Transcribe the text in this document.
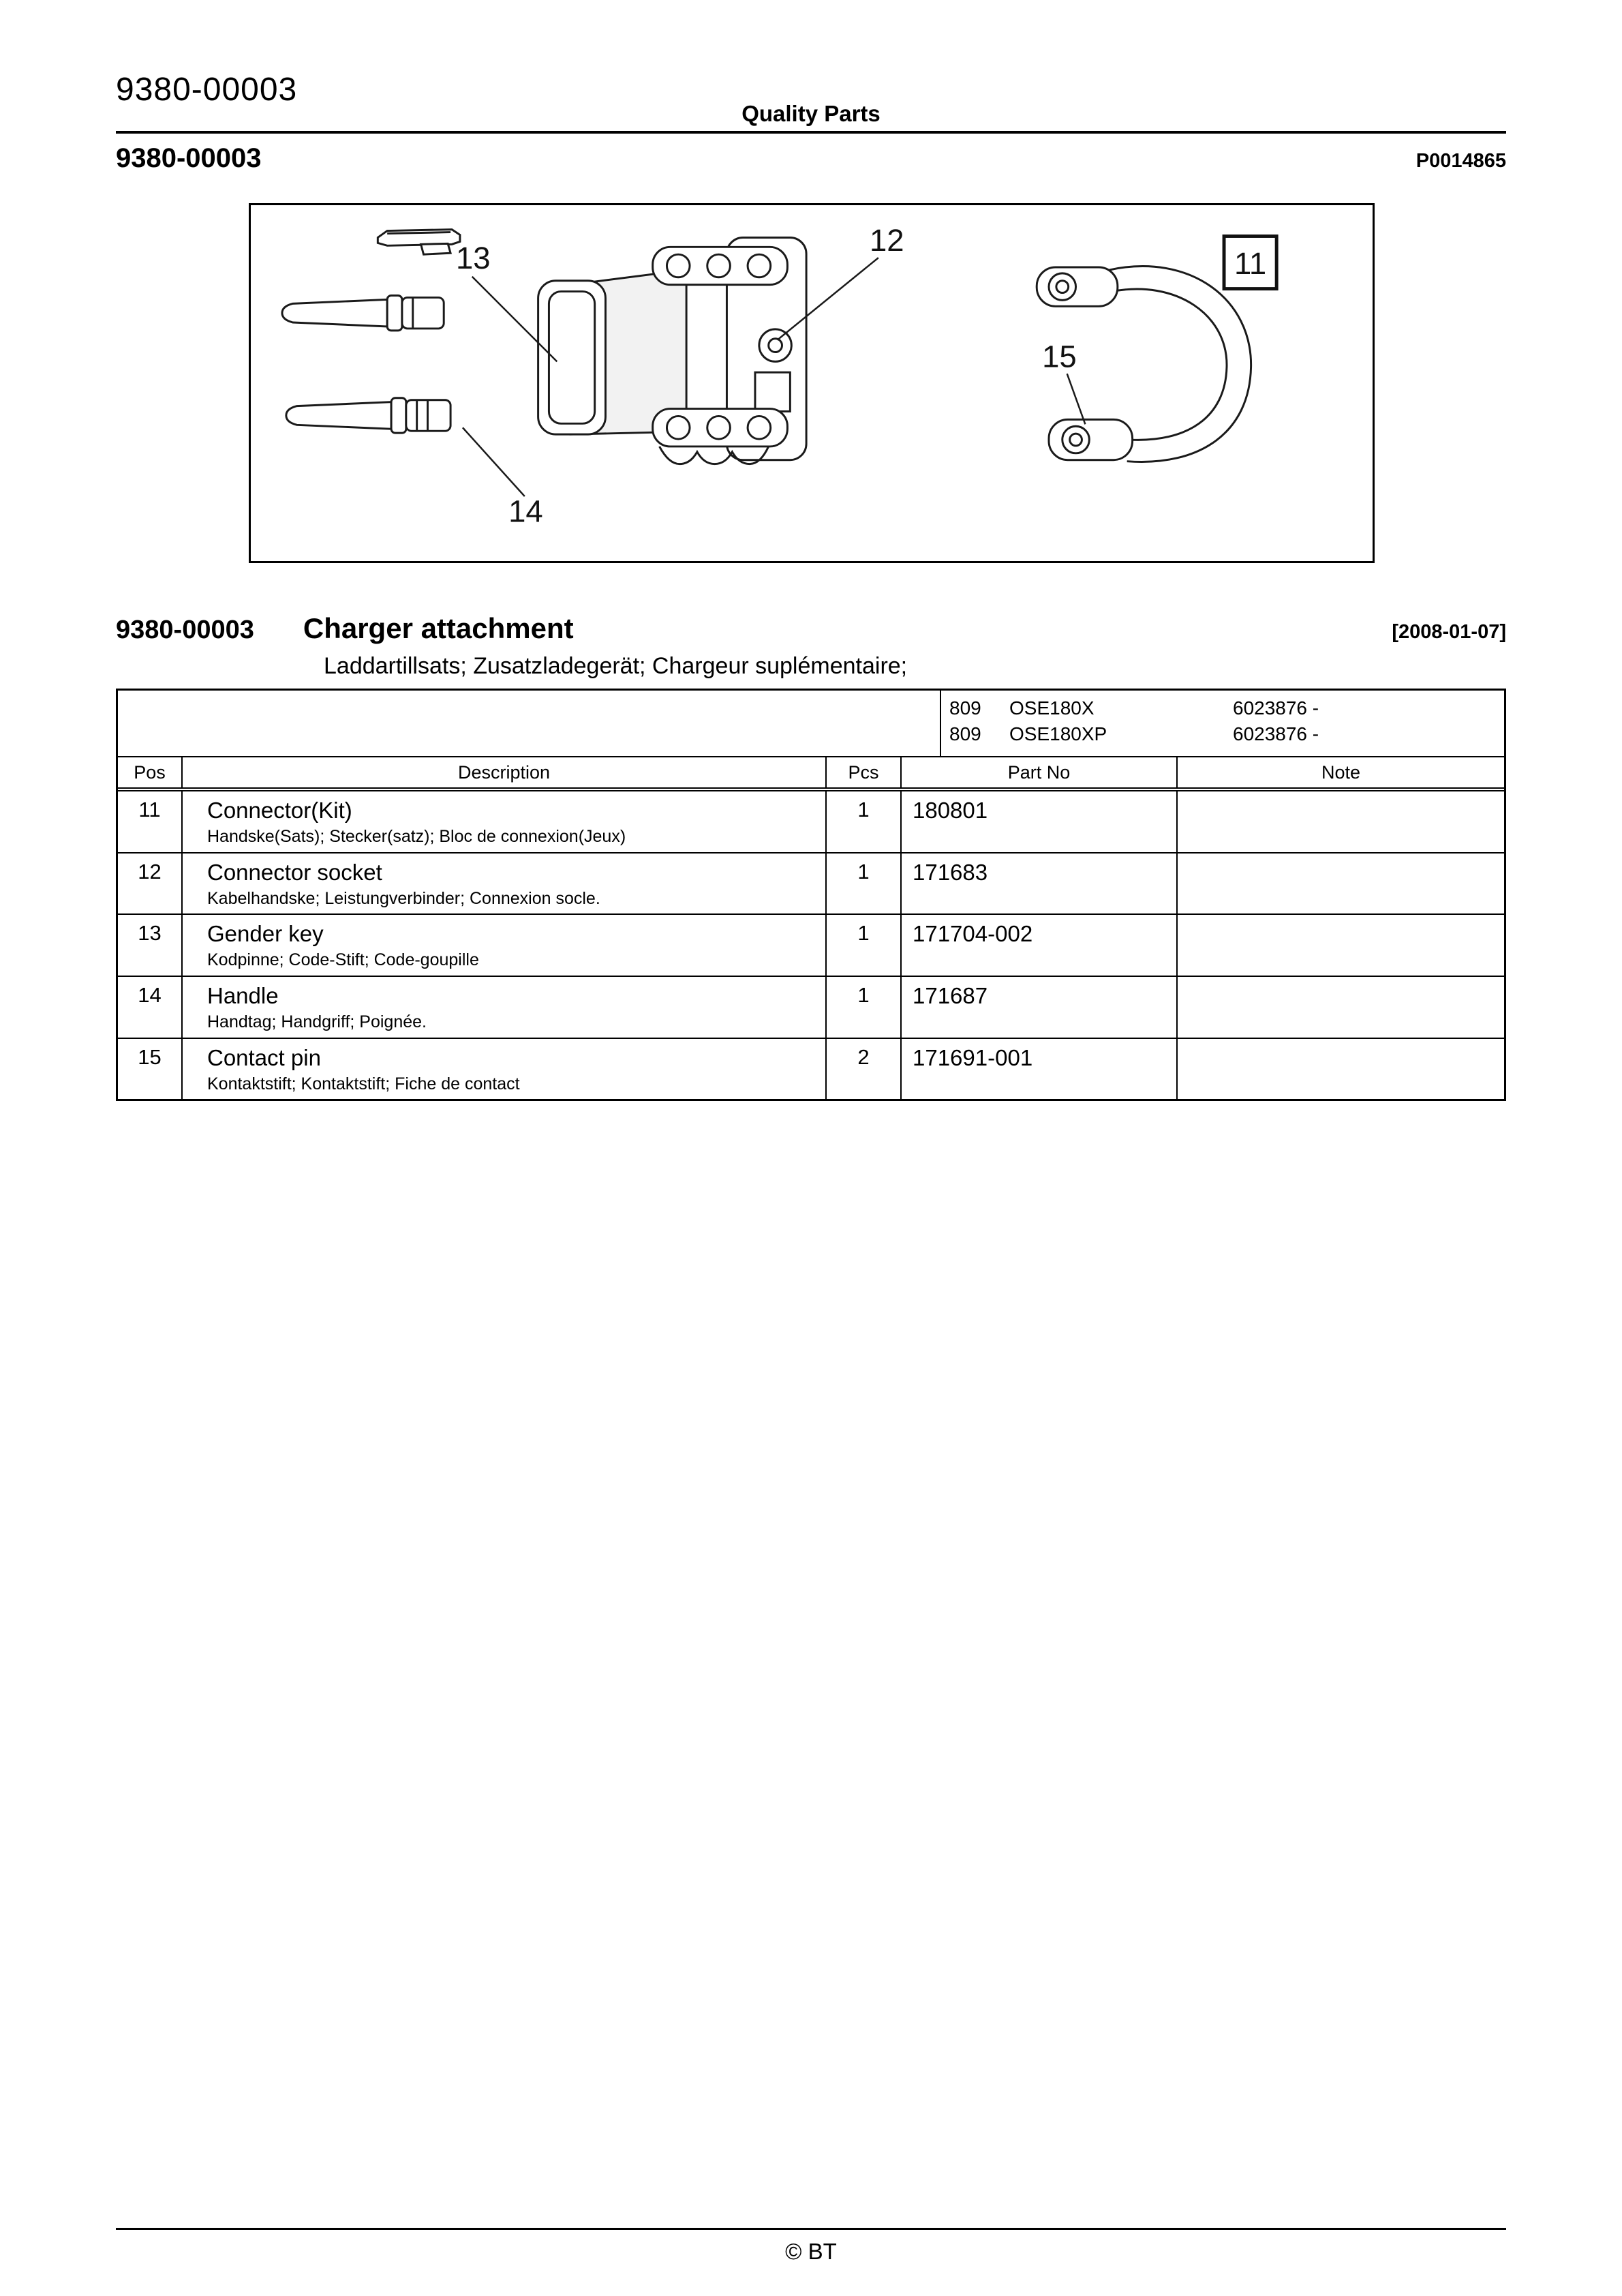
9380-00003
Quality Parts
9380-00003	P0014865
13
12
14
15
11
9380-00003 Charger attachment	[2008-01-07]
Laddartillsats; Zusatzladegerät; Chargeur suplémentaire;
809 OSE180X	6023876 -
809 OSE180XP	6023876 -
Pos	Description	Pcs	Part No	Note
11	Connector(Kit)
Handske(Sats); Stecker(satz); Bloc de connexion(Jeux)
1	180801
12	Connector socket
Kabelhandske; Leistungverbinder; Connexion socle.
1	171683
13	Gender key
Kodpinne; Code-Stift; Code-goupille
1	171704-002
14	Handle
Handtag; Handgriff; Poignée.
1	171687
15	Contact pin
Kontaktstift; Kontaktstift; Fiche de contact
2	171691-001
© BT
